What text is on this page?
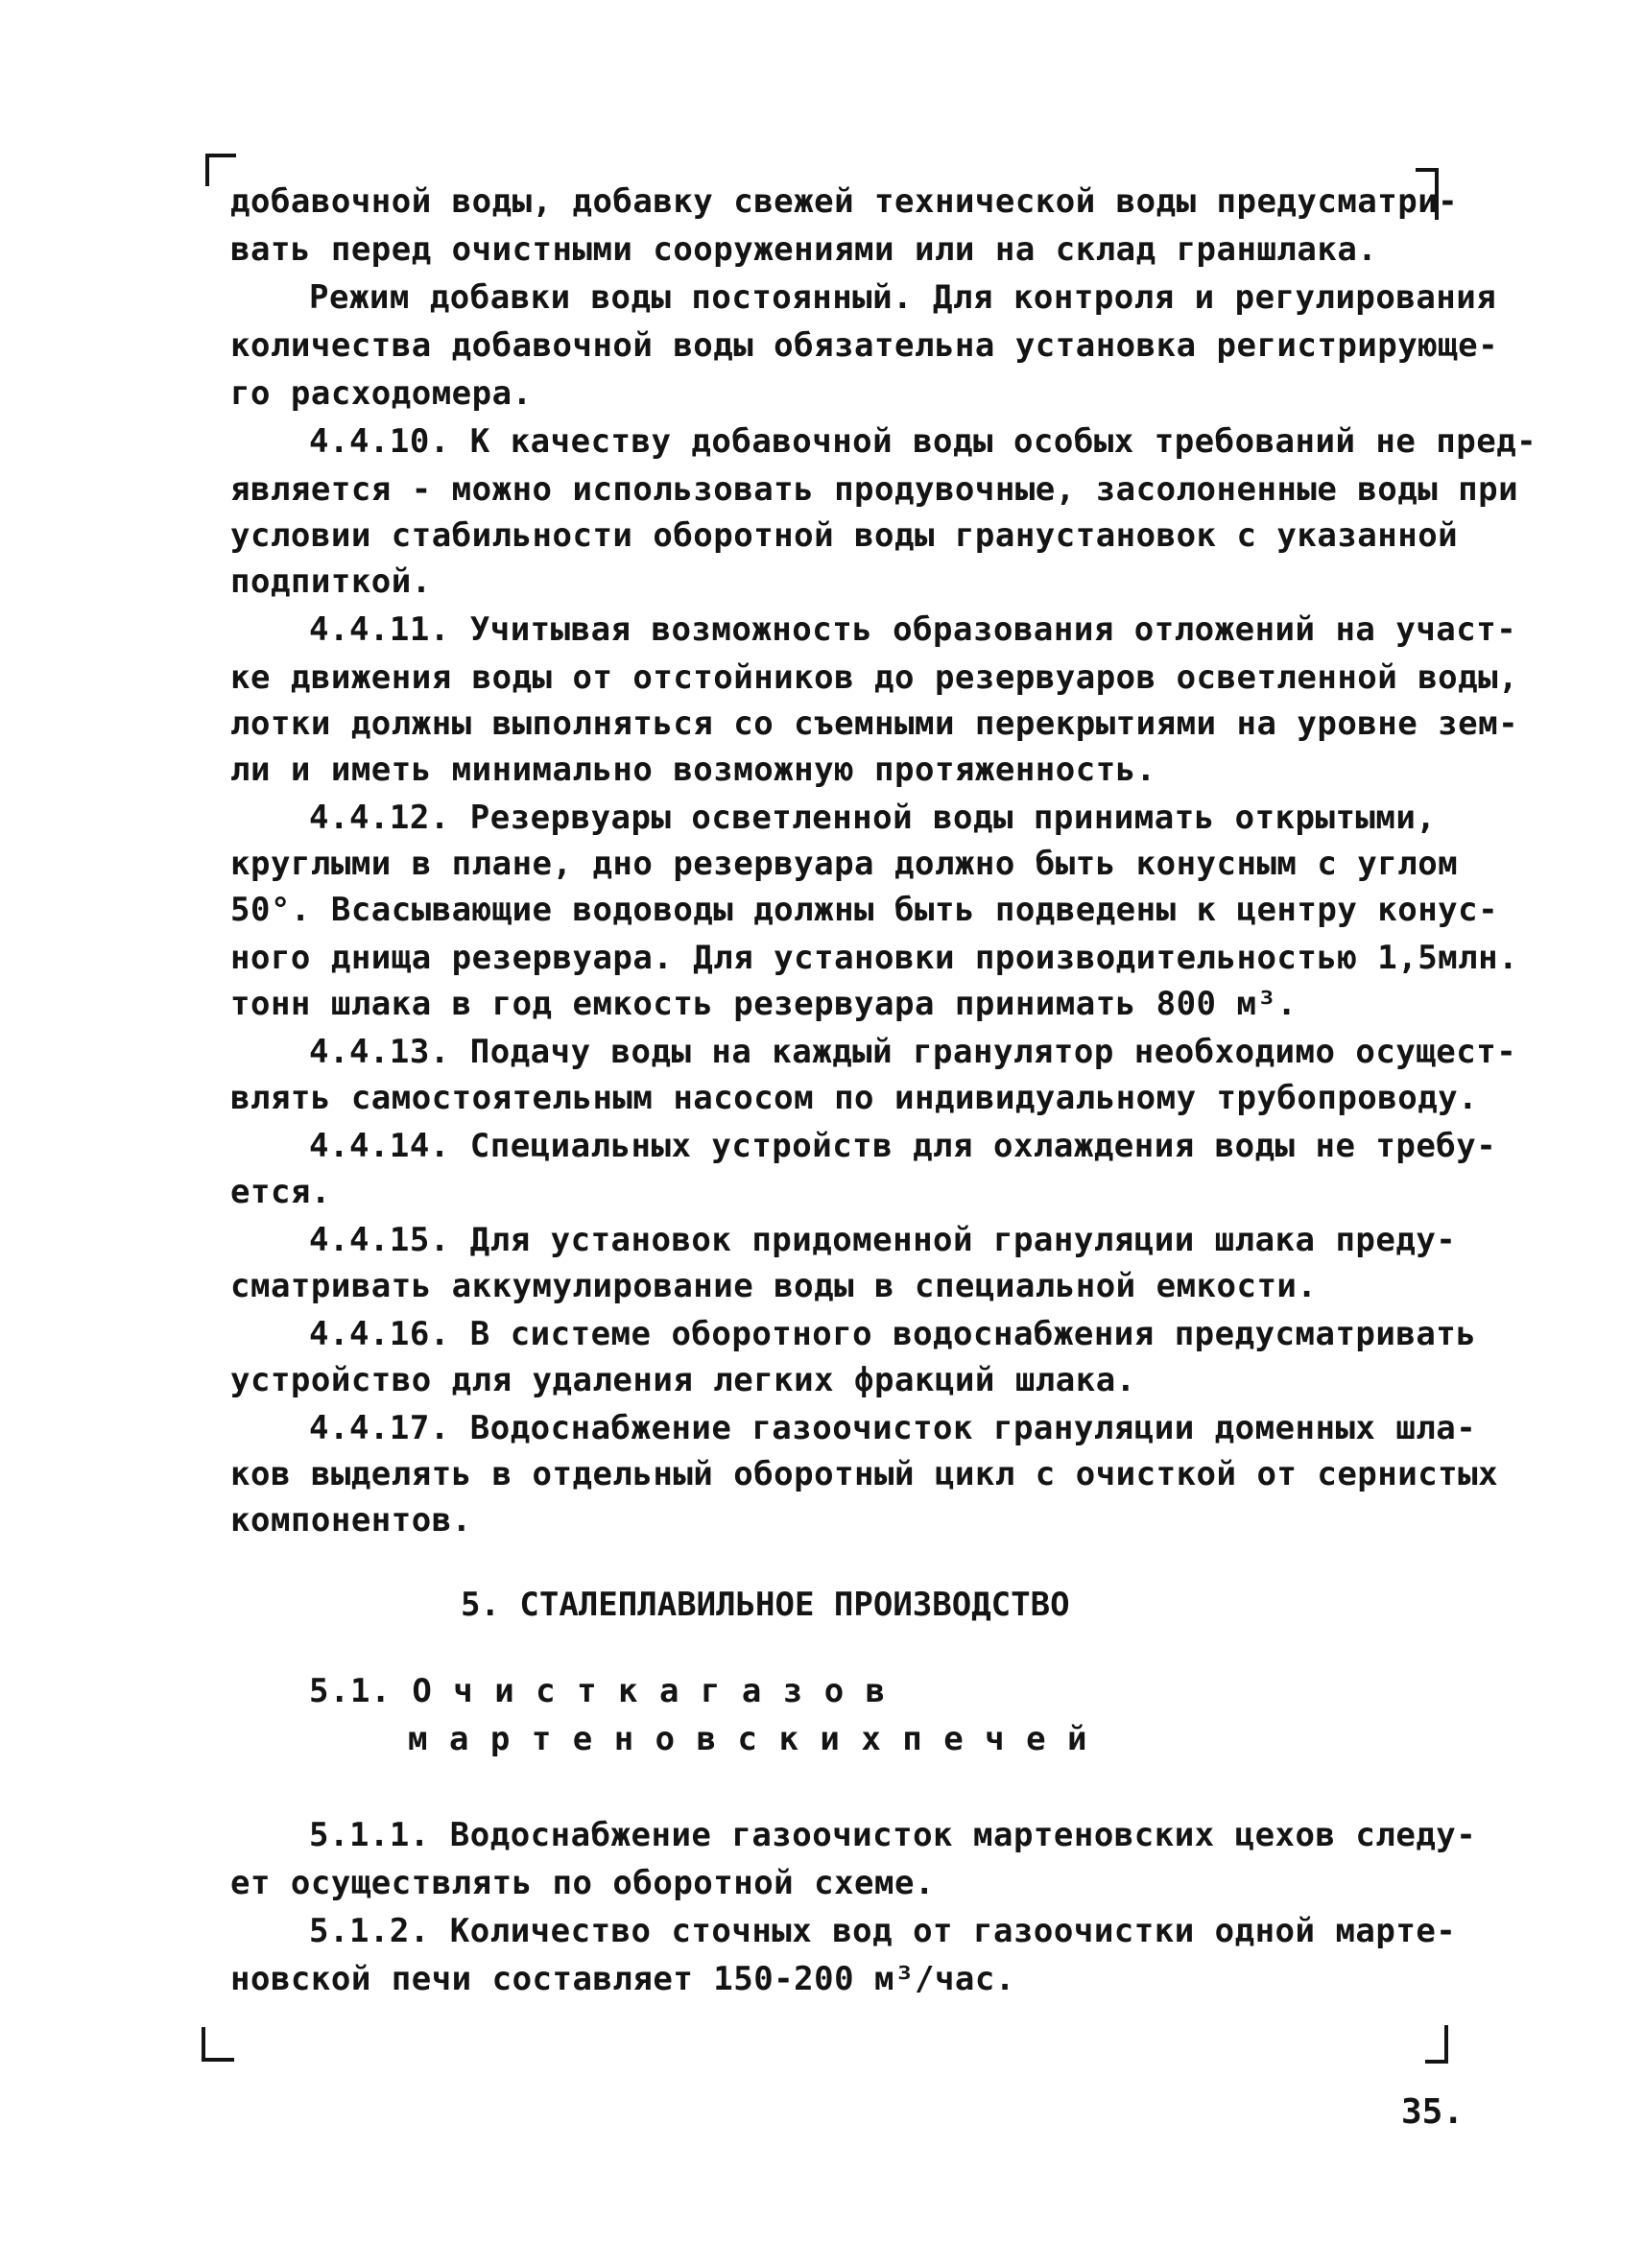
добавочной воды, добавку свежей технической воды предусматри-
вать перед очистными сооружениями или на склад граншлака.
Режим добавки воды постоянный. Для контроля и регулирования
количества добавочной воды обязательна установка регистрирующе-
го расходомера.
4.4.10. К качеству добавочной воды особых требований не пред-
является - можно использовать продувочные, засолоненные воды при
условии стабильности оборотной воды грануcтановок с указанной
подпиткой.
4.4.11. Учитывая возможность образования отложений на участ-
ке движения воды от отстойников до резервуаров осветленной воды,
лотки должны выполняться со съемными перекрытиями на уровне зем-
ли и иметь минимально возможную протяженность.
4.4.12. Резервуары осветленной воды принимать открытыми,
круглыми в плане, дно резервуара должно быть конусным с углом
50°. Всасывающие водоводы должны быть подведены к центру конус-
ного днища резервуара. Для установки производительностью 1,5млн.
тонн шлака в год емкость резервуара принимать 800 м³.
4.4.13. Подачу воды на каждый гранулятор необходимо осущест-
влять самостоятельным насосом по индивидуальному трубопроводу.
4.4.14. Специальных устройств для охлаждения воды не требу-
ется.
4.4.15. Для установок придоменной грануляции шлака преду-
сматривать аккумулирование воды в специальной емкости.
4.4.16. В системе оборотного водоснабжения предусматривать
устройство для удаления легких фракций шлака.
4.4.17. Водоснабжение газоочисток грануляции доменных шла-
ков выделять в отдельный оборотный цикл с очисткой от сернистых
компонентов.
5. СТАЛЕПЛАВИЛЬНОЕ ПРОИЗВОДСТВО
5.1. О ч и с т к а г а з о в
м а р т е н о в с к и х п е ч е й
5.1.1. Водоснабжение газоочисток мартеновских цехов следу-
ет осуществлять по оборотной схеме.
5.1.2. Количество сточных вод от газоочистки одной марте-
новской печи составляет 150-200 м³/час.
35.
